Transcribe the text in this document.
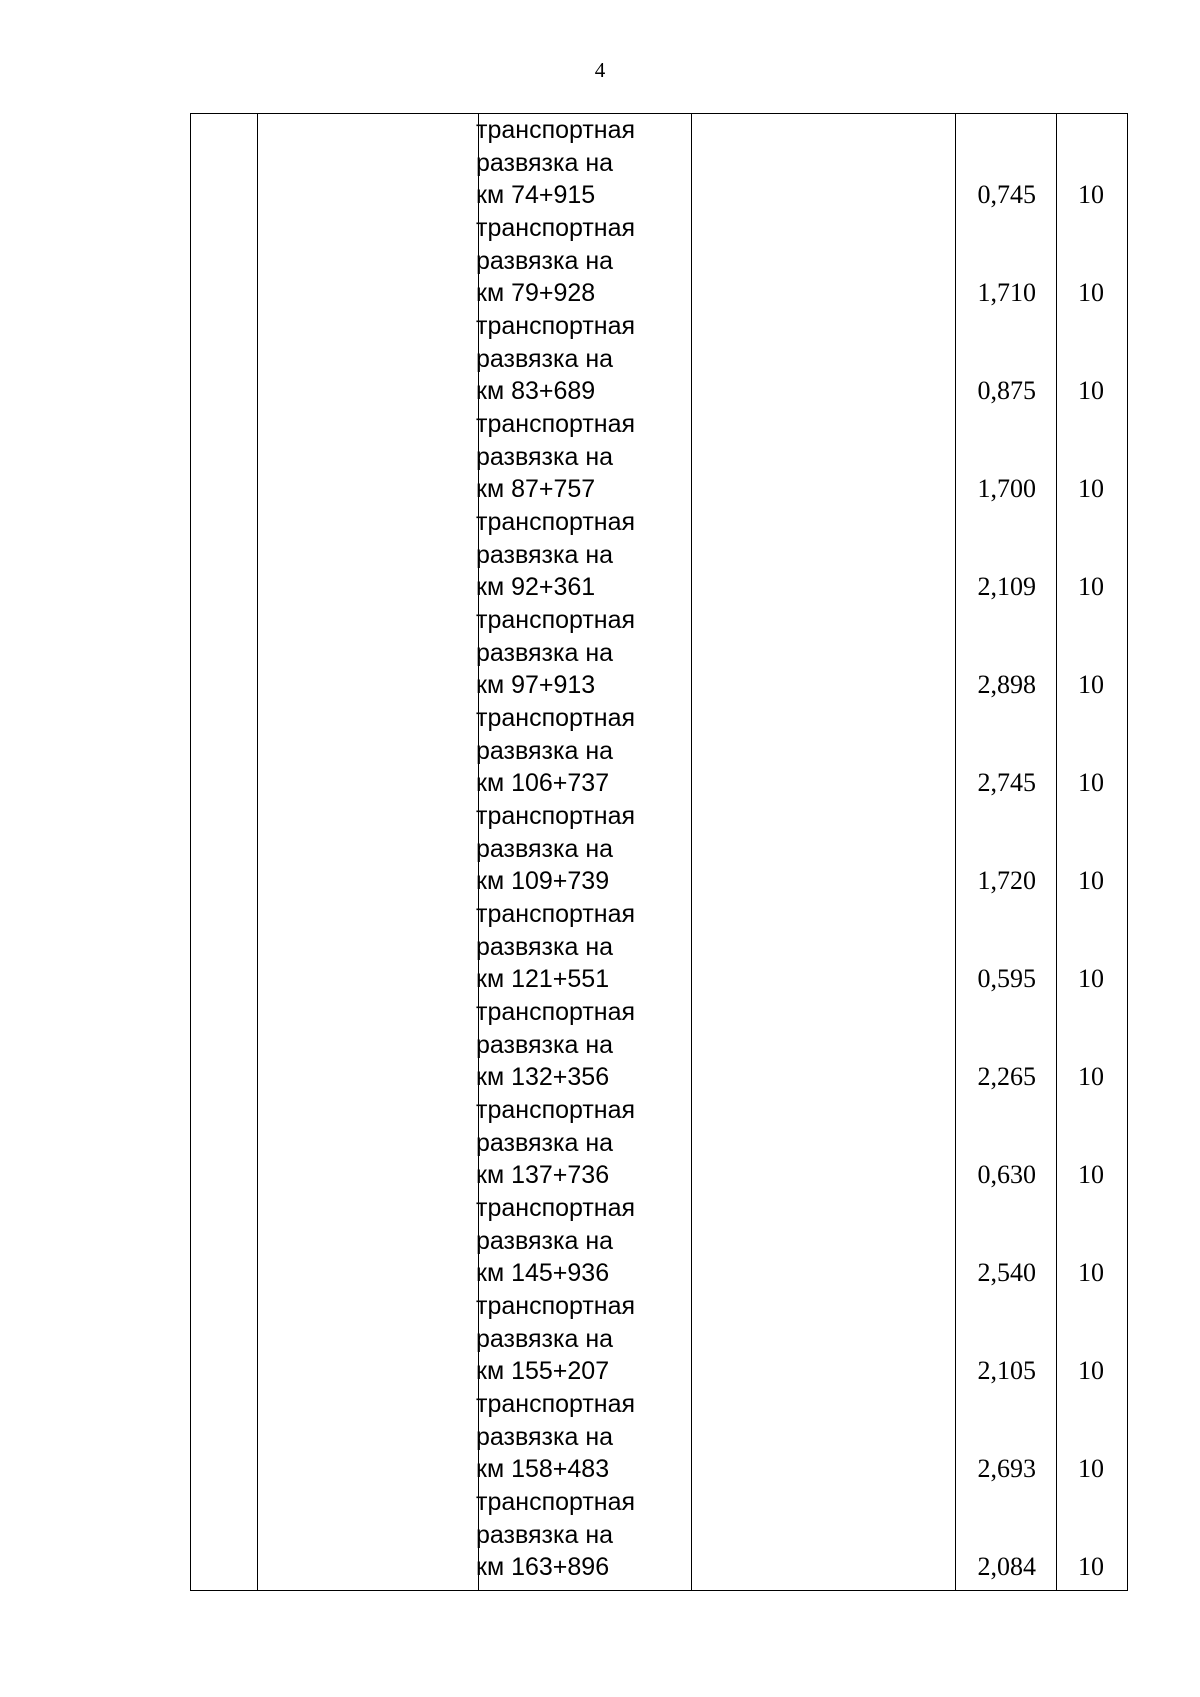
4
транспортная
развязка на
км 74+915	0,745	10
транспортная
развязка на
км 79+928	1,710	10
транспортная
развязка на
км 83+689	0,875	10
транспортная
развязка на
км 87+757	1,700	10
транспортная
развязка на
км 92+361	2,109	10
транспортная
развязка на
км 97+913	2,898	10
транспортная
развязка на
км 106+737	2,745	10
транспортная
развязка на
км 109+739	1,720	10
транспортная
развязка на
км 121+551	0,595	10
транспортная
развязка на
км 132+356	2,265	10
транспортная
развязка на
км 137+736	0,630	10
транспортная
развязка на
км 145+936	2,540	10
транспортная
развязка на
км 155+207	2,105	10
транспортная
развязка на
км 158+483	2,693	10
транспортная
развязка на
км 163+896	2,084	10
